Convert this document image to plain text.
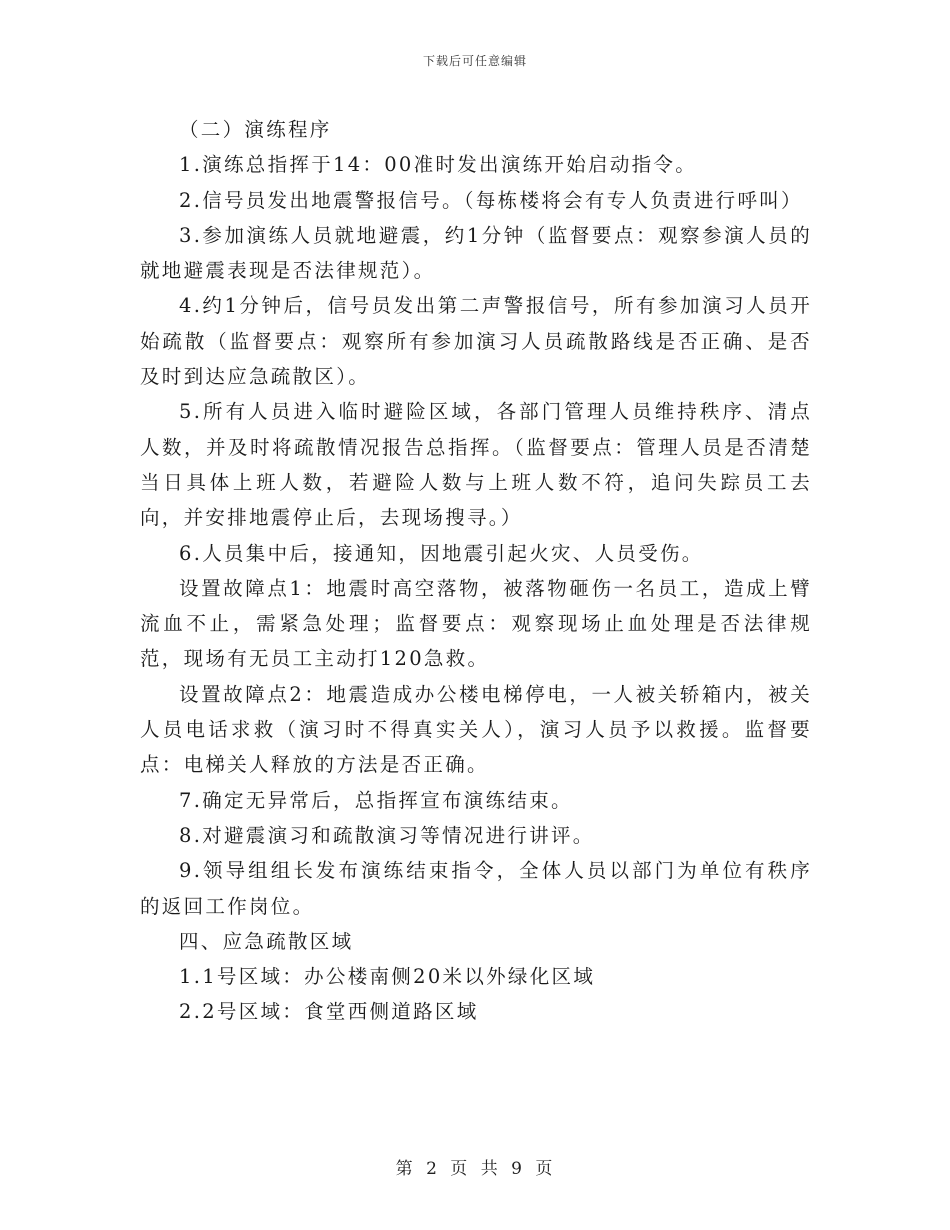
下载后可任意编辑

（二）演练程序

1.演练总指挥于14：00准时发出演练开始启动指令。

2.信号员发出地震警报信号。（每栋楼将会有专人负责进行呼叫）

3.参加演练人员就地避震，约1分钟（监督要点：观察参演人员的就地避震表现是否法律规范）。

4.约1分钟后，信号员发出第二声警报信号，所有参加演习人员开始疏散（监督要点：观察所有参加演习人员疏散路线是否正确、是否及时到达应急疏散区）。

5.所有人员进入临时避险区域，各部门管理人员维持秩序、清点人数，并及时将疏散情况报告总指挥。（监督要点：管理人员是否清楚当日具体上班人数，若避险人数与上班人数不符，追问失踪员工去向，并安排地震停止后，去现场搜寻。）

6.人员集中后，接通知，因地震引起火灾、人员受伤。

设置故障点1：地震时高空落物，被落物砸伤一名员工，造成上臂流血不止，需紧急处理；监督要点：观察现场止血处理是否法律规范，现场有无员工主动打120急救。

设置故障点2：地震造成办公楼电梯停电，一人被关轿箱内，被关人员电话求救（演习时不得真实关人），演习人员予以救援。监督要点：电梯关人释放的方法是否正确。

7.确定无异常后，总指挥宣布演练结束。

8.对避震演习和疏散演习等情况进行讲评。

9.领导组组长发布演练结束指令，全体人员以部门为单位有秩序的返回工作岗位。

四、应急疏散区域

1.1号区域：办公楼南侧20米以外绿化区域

2.2号区域：食堂西侧道路区域

第 2 页 共 9 页
